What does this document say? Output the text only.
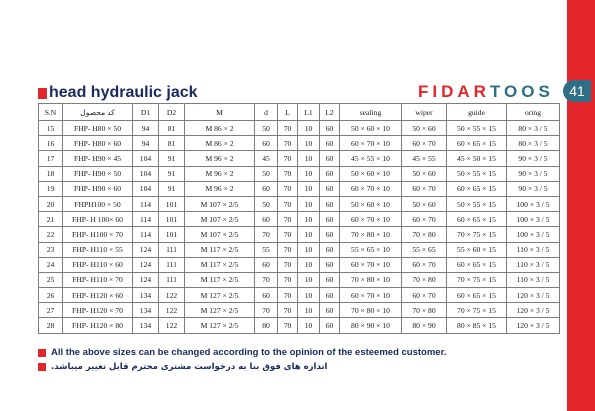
41
head hydraulic jack	FIDARTOOS
S.N	کد محصول	D1	D2	M	d	L	L1	L2	sealing	wiper	guide	oring
15	FHP- H80 × 50	94	81	M 86 × 2	50	70	10	60	50 × 60 × 10	50 × 60	50 × 55 × 15	80 × 3 / 5
16	FHP- H80 × 60	94	81	M 86 × 2	60	70	10	60	60 × 70 × 10	60 × 70	60 × 65 × 15	80 × 3 / 5
17	FHP- H90 × 45	104	91	M 96 × 2	45	70	10	60	45 × 55 × 10	45 × 55	45 × 50 × 15	90 × 3 / 5
18	FHP- H90 × 50	104	91	M 96 × 2	50	70	10	60	50 × 60 × 10	50 × 60	50 × 55 × 15	90 × 3 / 5
19	FHP- H90 × 60	104	91	M 96 × 2	60	70	10	60	60 × 70 × 10	60 × 70	60 × 65 × 15	90 × 3 / 5
20	FHPH100 × 50	114	101	M 107 × 2/5	50	70	10	60	50 × 60 × 10	50 × 60	50 × 55 × 15	100 × 3 / 5
21	FHP- H 100× 60	114	101	M 107 × 2/5	60	70	10	60	60 × 70 × 10	60 × 70	60 × 65 × 15	100 × 3 / 5
22	FHP- H100 × 70	114	101	M 107 × 2/5	70	70	10	60	70 × 80 × 10	70 × 80	70 × 75 × 15	100 × 3 / 5
23	FHP- H110 × 55	124	111	M 117 × 2/5	55	70	10	60	55 × 65 × 10	55 × 65	55 × 60 × 15	110 × 3 / 5
24	FHP- H110 × 60	124	111	M 117 × 2/5	60	70	10	60	60 × 70 × 10	60 × 70	60 × 65 × 15	110 × 3 / 5
25	FHP- H110 × 70	124	111	M 117 × 2/5	70	70	10	60	70 × 80 × 10	70 × 80	70 × 75 × 15	110 × 3 / 5
26	FHP- H120 × 60	134	122	M 127 × 2/5	60	70	10	60	60 × 70 × 10	60 × 70	60 × 65 × 15	120 × 3 / 5
27	FHP- H120 × 70	134	122	M 127 × 2/5	70	70	10	60	70 × 80 × 10	70 × 80	70 × 75 × 15	120 × 3 / 5
28	FHP- H120 × 80	134	122	M 127 × 2/5	80	70	10	60	80 × 90 × 10	80 × 90	80 × 85 × 15	120 × 3 / 5
All the above sizes can be changed according to the opinion of the esteemed customer.
اندازه های فوق بنا به درخواست مشتری محترم قابل تغییر میباشد.
